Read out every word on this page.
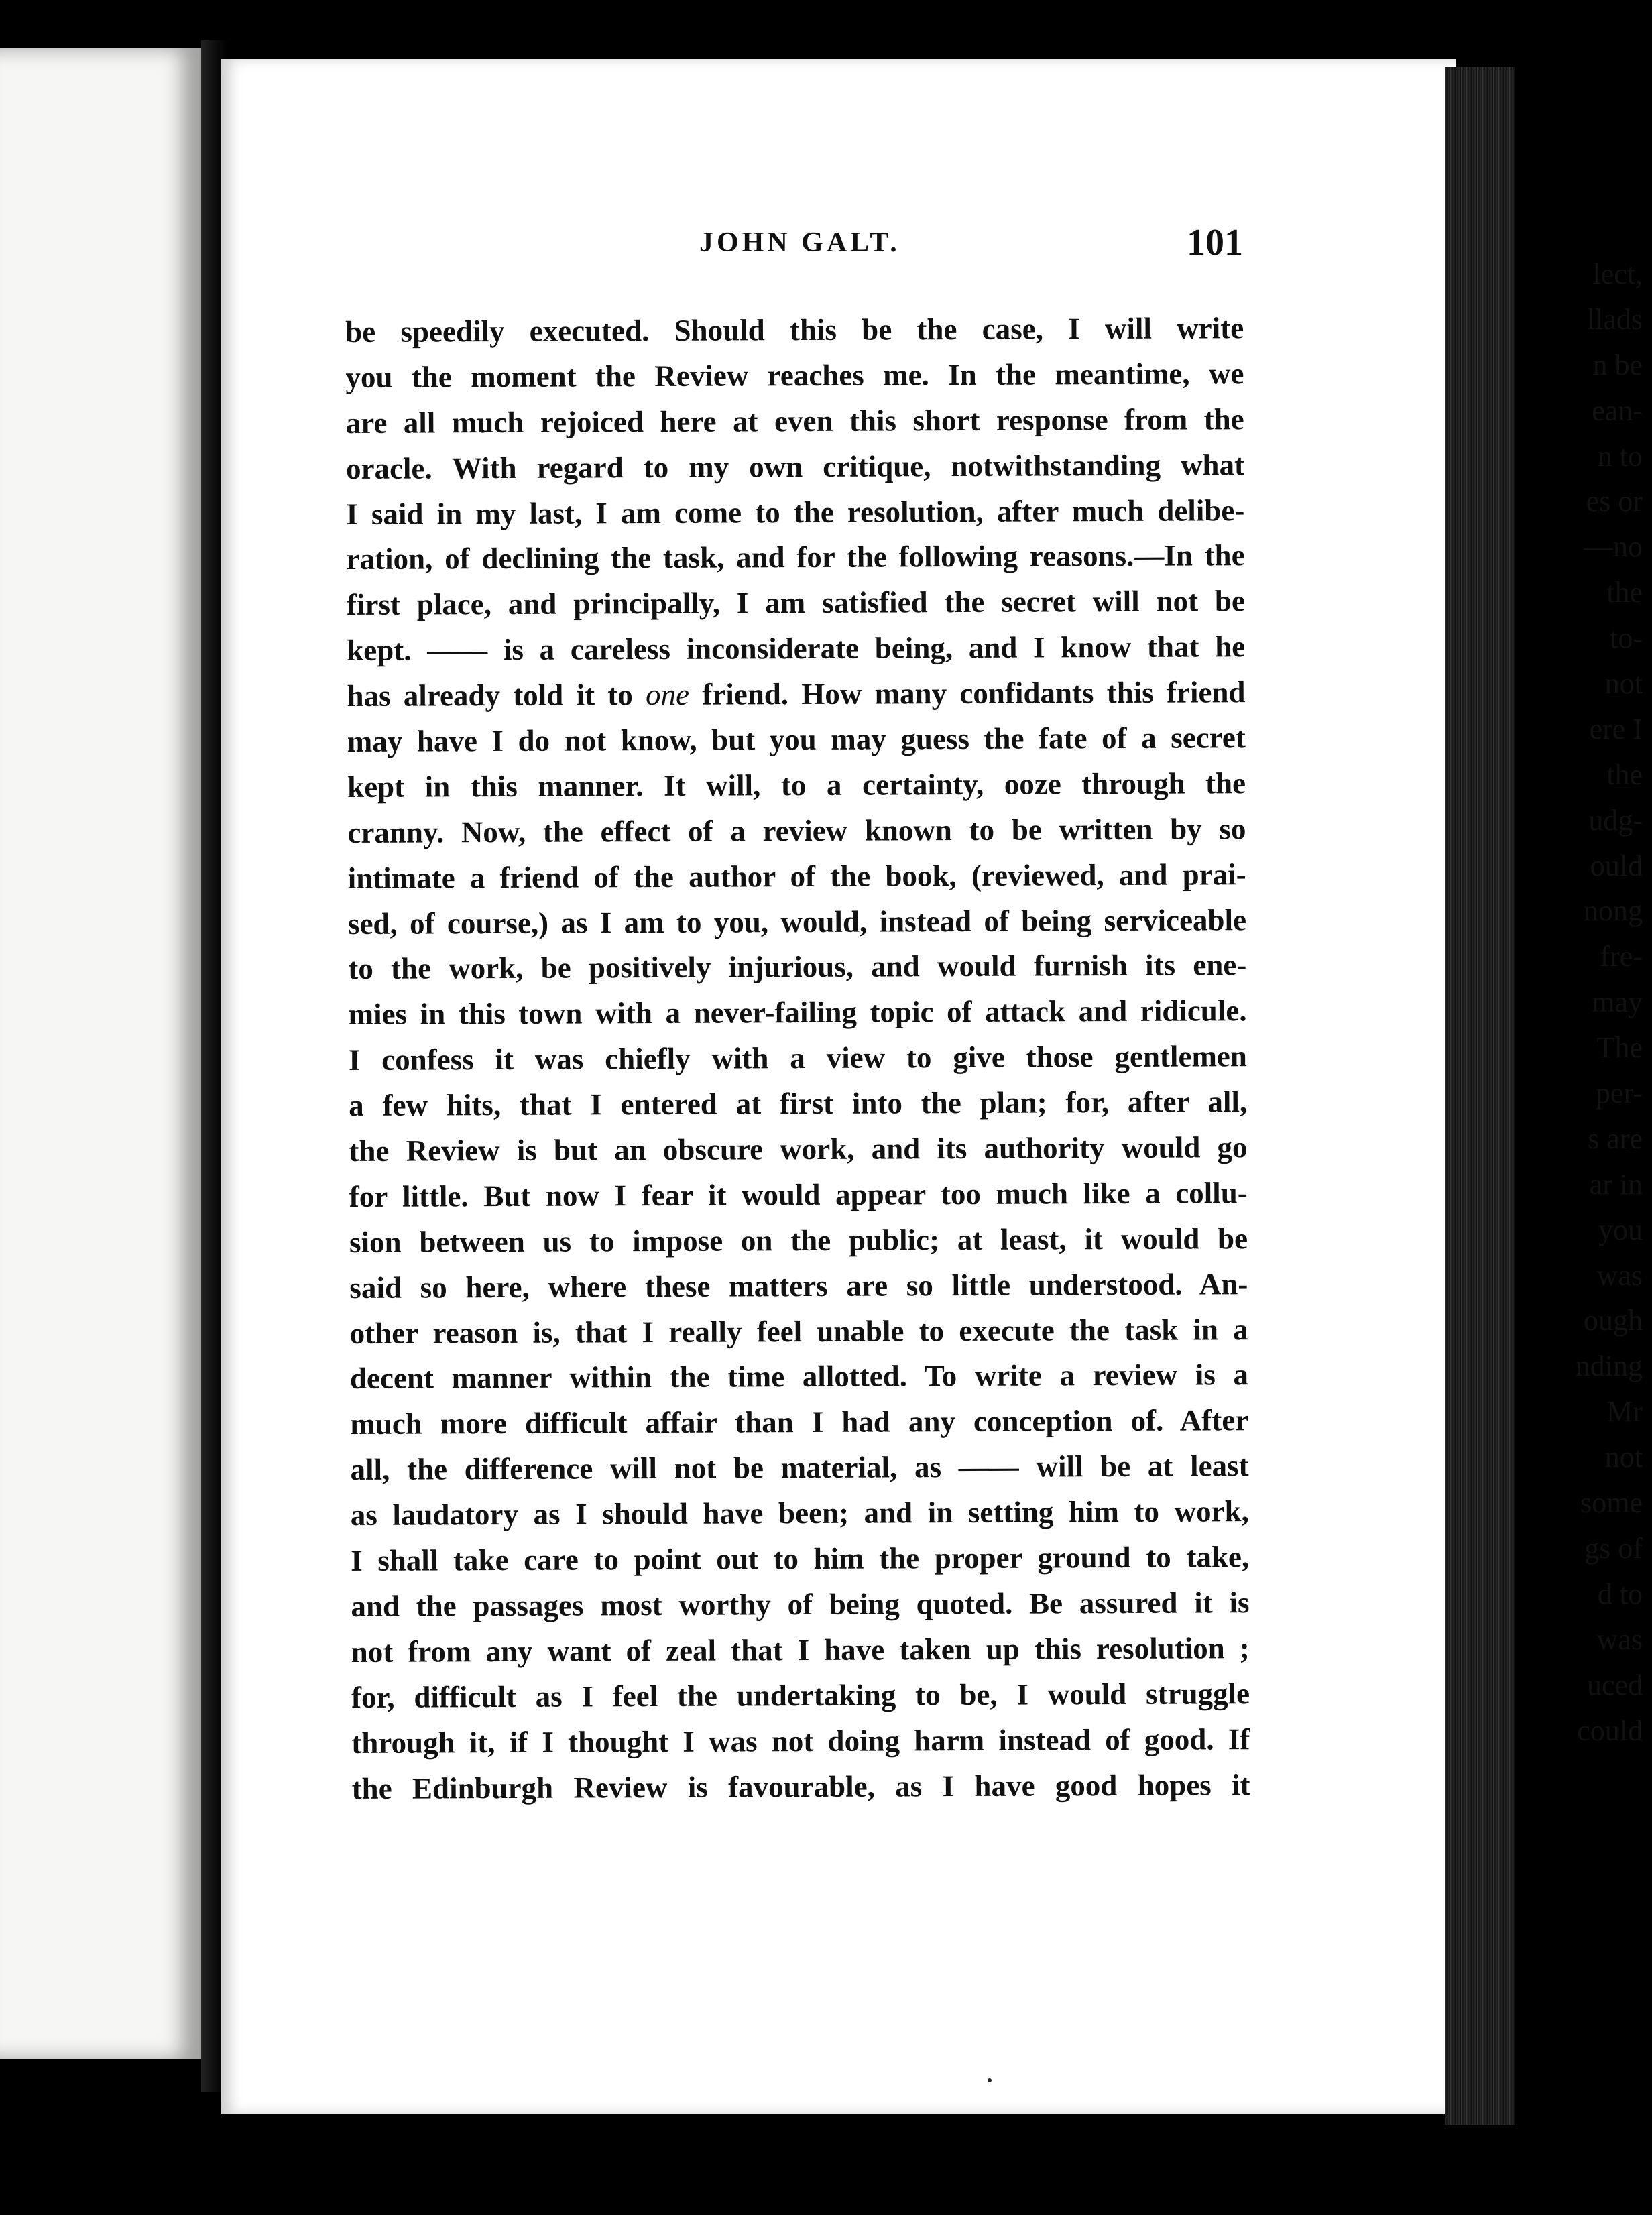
lect,
llads
n be
ean-
n to
es or
—no
the
to-
not
ere I
the
udg-
ould
nong
fre-
may
The
per-
s are
ar in
you
was
ough
nding
Mr
not
some
gs of
d to
was
uced
could
JOHN GALT.	101
be speedily executed. Should this be the case, I will write
you the moment the Review reaches me. In the meantime, we
are all much rejoiced here at even this short response from the
oracle. With regard to my own critique, notwithstanding what
I said in my last, I am come to the resolution, after much delibe-
ration, of declining the task, and for the following reasons.—In the
first place, and principally, I am satisfied the secret will not be
kept. —— is a careless inconsiderate being, and I know that he
has already told it to one friend. How many confidants this friend
may have I do not know, but you may guess the fate of a secret
kept in this manner. It will, to a certainty, ooze through the
cranny. Now, the effect of a review known to be written by so
intimate a friend of the author of the book, (reviewed, and prai-
sed, of course,) as I am to you, would, instead of being serviceable
to the work, be positively injurious, and would furnish its ene-
mies in this town with a never-failing topic of attack and ridicule.
I confess it was chiefly with a view to give those gentlemen
a few hits, that I entered at first into the plan; for, after all,
the Review is but an obscure work, and its authority would go
for little. But now I fear it would appear too much like a collu-
sion between us to impose on the public; at least, it would be
said so here, where these matters are so little understood. An-
other reason is, that I really feel unable to execute the task in a
decent manner within the time allotted. To write a review is a
much more difficult affair than I had any conception of. After
all, the difference will not be material, as —— will be at least
as laudatory as I should have been; and in setting him to work,
I shall take care to point out to him the proper ground to take,
and the passages most worthy of being quoted. Be assured it is
not from any want of zeal that I have taken up this resolution ;
for, difficult as I feel the undertaking to be, I would struggle
through it, if I thought I was not doing harm instead of good. If
the Edinburgh Review is favourable, as I have good hopes it
